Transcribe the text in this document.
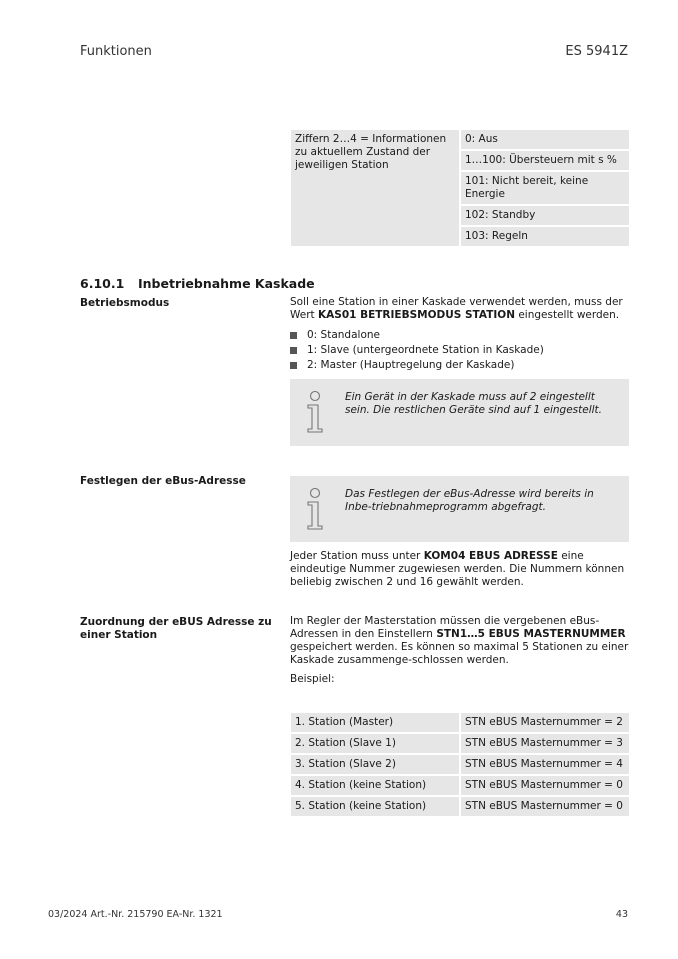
Funktionen	ES 5941Z
Ziffern 2…4 = Informationen zu aktuellem Zustand der jeweiligen Station	0: Aus
1…100: Übersteuern mit s %
101: Nicht bereit, keine Energie
102: Standby
103: Regeln
6.10.1 Inbetriebnahme Kaskade
Betriebsmodus	Soll eine Station in einer Kaskade verwendet werden, muss der Wert KAS01 BETRIEBSMODUS STATION eingestellt werden.
0: Standalone
1: Slave (untergeordnete Station in Kaskade)
2: Master (Hauptregelung der Kaskade)
Ein Gerät in der Kaskade muss auf 2 eingestellt sein. Die restlichen Geräte sind auf 1 eingestellt.
Festlegen der eBus-Adresse
Das Festlegen der eBus-Adresse wird bereits in Inbe-triebnahmeprogramm abgefragt.
Jeder Station muss unter KOM04 EBUS ADRESSE eine eindeutige Nummer zugewiesen werden. Die Nummern können beliebig zwischen 2 und 16 gewählt werden.
Zuordnung der eBUS Adresse zu einer Station
Im Regler der Masterstation müssen die vergebenen eBus-Adressen in den Einstellern STN1…5 EBUS MASTERNUMMER gespeichert werden. Es können so maximal 5 Stationen zu einer Kaskade zusammenge-schlossen werden.
Beispiel:
1. Station (Master)	STN eBUS Masternummer = 2
2. Station (Slave 1)	STN eBUS Masternummer = 3
3. Station (Slave 2)	STN eBUS Masternummer = 4
4. Station (keine Station)	STN eBUS Masternummer = 0
5. Station (keine Station)	STN eBUS Masternummer = 0
03/2024 Art.-Nr. 215790 EA-Nr. 1321	43
